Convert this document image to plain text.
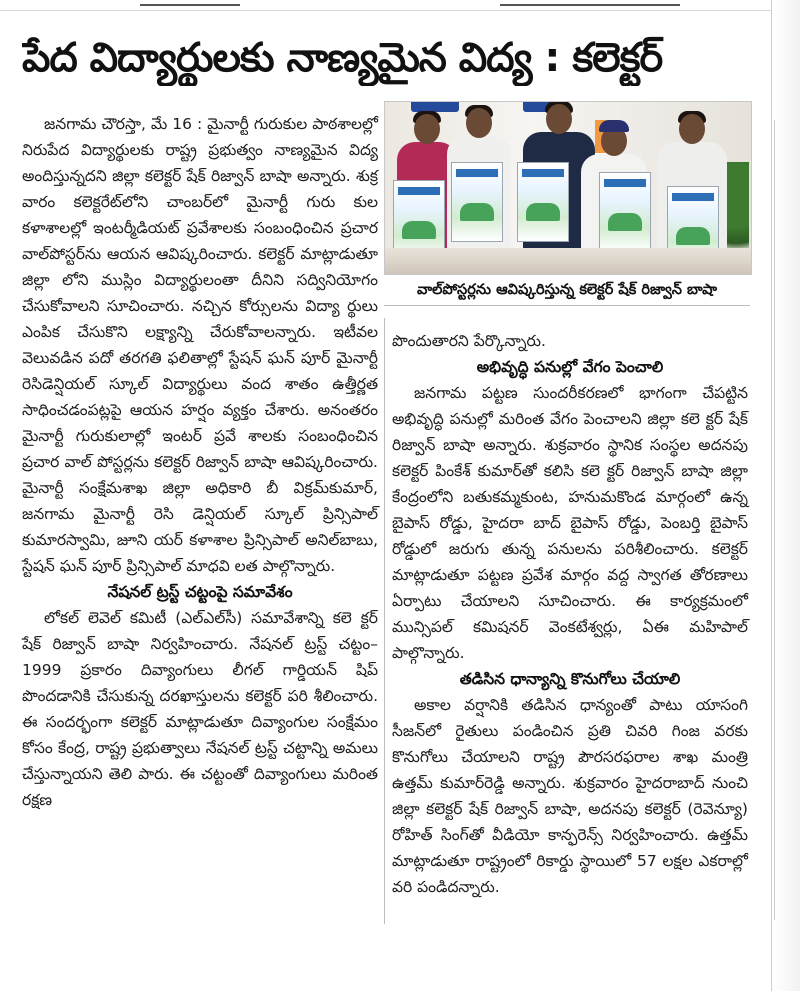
పేద విద్యార్థులకు నాణ్యమైన విద్య : కలెక్టర్
వాల్‌పోస్టర్లను ఆవిష్కరిస్తున్న కలెక్టర్ షేక్ రిజ్వాన్ బాషా

జనగామ చౌరస్తా, మే 16 : మైనార్టీ గురుకుల పాఠశాలల్లో నిరుపేద విద్యార్థులకు రాష్ట్ర ప్రభుత్వం నాణ్యమైన విద్య అందిస్తున్నదని జిల్లా కలెక్టర్ షేక్ రిజ్వాన్ బాషా అన్నారు. శుక్ర వారం కలెక్టరేట్‌లోని చాంబర్‌లో మైనార్టీ గురు కుల కళాశాలల్లో ఇంటర్మీడియట్ ప్రవేశాలకు సంబంధించిన ప్రచార వాల్‌పోస్టర్‌ను ఆయన ఆవిష్కరించారు. కలెక్టర్ మాట్లాడుతూ జిల్లా లోని ముస్లిం విద్యార్థులంతా దీనిని సద్వినియోగం చేసుకోవాలని సూచించారు. నచ్చిన కోర్సులను విద్యా ర్థులు ఎంపిక చేసుకొని లక్ష్యాన్ని చేరుకోవాలన్నారు. ఇటీవల వెలువడిన పదో తరగతి ఫలితాల్లో స్టేషన్ ఘన్ పూర్ మైనార్టీ రెసిడెన్షియల్ స్కూల్ విద్యార్థులు వంద శాతం ఉత్తీర్ణత సాధించడంపట్లపై ఆయన హర్షం వ్యక్తం చేశారు. అనంతరం మైనార్టీ గురుకులాల్లో ఇంటర్ ప్రవే శాలకు సంబంధించిన ప్రచార వాల్ పోస్టర్లను కలెక్టర్ రిజ్వాన్ బాషా ఆవిష్కరించారు. మైనార్టీ సంక్షేమశాఖ జిల్లా అధికారి బీ విక్రమ్‌కుమార్, జనగామ మైనార్టీ రెసి డెన్షియల్ స్కూల్ ప్రిన్సిపాల్ కుమారస్వామి, జూని యర్ కళాశాల ప్రిన్సిపాల్ అనిల్‌బాబు, స్టేషన్ ఘన్ పూర్ ప్రిన్సిపాల్ మాధవి లత పాల్గొన్నారు.

నేషనల్ ట్రస్ట్ చట్టంపై సమావేశం

లోకల్ లెవెల్ కమిటీ (ఎల్‌ఎల్‌సీ) సమావేశాన్ని కలె క్టర్ షేక్ రిజ్వాన్ బాషా నిర్వహించారు. నేషనల్ ట్రస్ట్ చట్టం–1999 ప్రకారం దివ్యాంగులు లీగల్ గార్డియన్ షిప్ పొందడానికి చేసుకున్న దరఖాస్తులను కలెక్టర్ పరి శీలించారు. ఈ సందర్భంగా కలెక్టర్ మాట్లాడుతూ దివ్యాంగుల సంక్షేమం కోసం కేంద్ర, రాష్ట్ర ప్రభుత్వాలు నేషనల్ ట్రస్ట్ చట్టాన్ని అమలు చేస్తున్నాయని తెలి పారు. ఈ చట్టంతో దివ్యాంగులు మరింత రక్షణ

పొందుతారని పేర్కొన్నారు.

అభివృద్ధి పనుల్లో వేగం పెంచాలి

జనగామ పట్టణ సుందరీకరణలో భాగంగా చేపట్టిన అభివృద్ధి పనుల్లో మరింత వేగం పెంచాలని జిల్లా కలె క్టర్ షేక్ రిజ్వాన్ బాషా అన్నారు. శుక్రవారం స్థానిక సంస్థల అదనపు కలెక్టర్ పింకేశ్ కుమార్‌తో కలిసి కలె క్టర్ రిజ్వాన్ బాషా జిల్లా కేంద్రంలోని బతుకమ్మకుంట, హనుమకొండ మార్గంలో ఉన్న బైపాస్ రోడ్డు, హైదరా బాద్ బైపాస్ రోడ్డు, పెంబర్తి బైపాస్ రోడ్డులో జరుగు తున్న పనులను పరిశీలించారు. కలెక్టర్ మాట్లాడుతూ పట్టణ ప్రవేశ మార్గం వద్ద స్వాగత తోరణాలు ఏర్పాటు చేయాలని సూచించారు. ఈ కార్యక్రమంలో మున్సిపల్ కమిషనర్ వెంకటేశ్వర్లు, ఏఈ మహిపాల్ పాల్గొన్నారు.

తడిసిన ధాన్యాన్ని కొనుగోలు చేయాలి

అకాల వర్షానికి తడిసిన ధాన్యంతో పాటు యాసంగి సీజన్‌లో రైతులు పండించిన ప్రతి చివరి గింజ వరకు కొనుగోలు చేయాలని రాష్ట్ర పౌరసరఫరాల శాఖ మంత్రి ఉత్తమ్ కుమార్‌రెడ్డి అన్నారు. శుక్రవారం హైదరాబాద్ నుంచి జిల్లా కలెక్టర్ షేక్ రిజ్వాన్ బాషా, అదనపు కలెక్టర్ (రెవెన్యూ) రోహిత్ సింగ్‌తో వీడియో కాన్ఫరెన్స్ నిర్వహించారు. ఉత్తమ్ మాట్లాడుతూ రాష్ట్రంలో రికార్డు స్థాయిలో 57 లక్షల ఎకరాల్లో వరి పండిదన్నారు.
